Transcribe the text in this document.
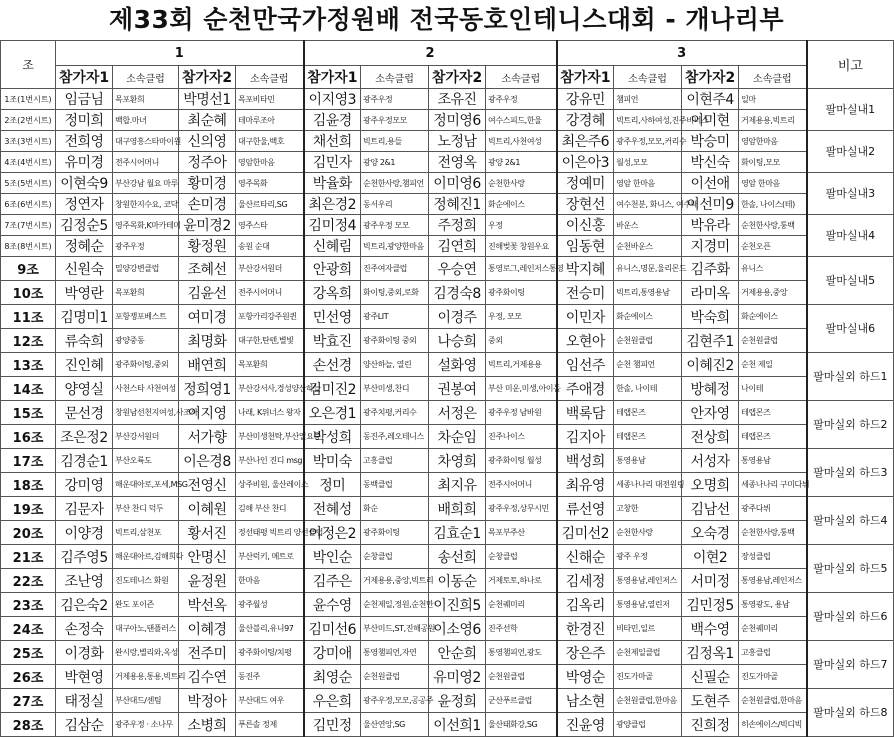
제33회 순천만국가정원배 전국동호인테니스대회 - 개나리부
조	1				2				3				비고
	참가자1	소속클럽	참가자2	소속클럽	참가자1	소속클럽	참가자2	소속클럽	참가자1	소속클럽	참가자2	소속클럽	
1조(1번시트)	임금님	목포환희	박명선1	목포비타민	이지영3	광주우정	조유진	광주우정	강유민	챔피언	이현주4	일마	팔마실내1
2조(2번시트)	정미희	백합.마녀	최순혜	테마루조아	김윤경	광주우정모모	정미영6	여수스피드,한울	강경혜	빅트리,사하여성,진주비너스	이미현	거제용용,빅트리	
3조(3번시트)	전희영	대구영흥스타마이원	신의영	대구한울,백호	채선희	빅트리,용들	노정남	빅트리,사천여성	최은주6	광주우정,모모,커리수	박승미	영암한마음	팔마실내2
4조(4번시트)	유미경	전주시어머니	정주아	영암한마음	김민자	광양 2&1	전영옥	광양 2&1	이은아3	월성,모모	박신숙	화이팅,모모	
5조(5번시트)	이현숙9	부산강남 월요 마루	황미경	영주목화	박율화	순천한사랑,챔피언	이미영6	순천한사랑	정예미	영암 한마음	이선애	영암 한마음	팔마실내3
6조(6번시트)	정연자	창원한지수요, 코닥	손미경	울산르타리,SG	최은경2	동서우리	정혜진1	화순에이스	장현선	여수천분, 화니스, 여수대	이선미9	한솔, 나이스(테)	
7조(7번시트)	김정순5	영주목화,K마카테미	윤미경2	영주스타	김미정4	광주우정 모모	주정희	우정	이신홍	바운스	박유라	순천한사랑,퉁백	팔마실내4
8조(8번시트)	정혜순	광주우정	황정원	송원 순대	신혜림	빅트리,광양한마음	김연희	진해벚꽃 창원우요	임동현	순천바운스	지경미	순천오픈	
9조	신원숙	밀양강변클럽	조혜선	부산강서원더	안광희	진주여자클럽	우승연	통영로그,레인저스통영	박지혜	유니스,명문,울리몬드	김주화	유니스	팔마실내5
10조	박영란	목포환희	김윤선	전주시어머니	강옥희	화이팅,중외,로화	김경숙8	광주화이팅	전승미	빅트리,통영용남	라미옥	거제용용,중앙	
11조	김명미1	포항쟁포베스트	여미경	포항카리강주원퀸	민선영	광주LIT	이경주	우정, 모모	이민자	화순에이스	박숙희	화순에이스	팔마실내6
12조	류숙희	광양중동	최명화	대구한,탄텐,별빛	박효진	광주화이팅 중외	나승희	중외	오현아	순천원클럽	김현주1	순천원클럽	
13조	진인혜	광주화이팅,중외	배연희	목포환희	손선경	양산하늘, 열린	설화영	빅트리,거제용용	임선주	순천 챔피언	이혜진2	순천 제일	팔마실외 하드1
14조	양영실	사천스타 사천여성	정희영1	부산강서사,경성양산하늘	김미진2	부산미생,찬디	권봉여	부산 미운,미생,아이돌	주애경	한솔, 나이테	방혜정	나이테	
15조	문선경	창원남선천지여성,사조사	이지영	나래, K위너스 왕자	오은경1	광주치평,커리수	서정은	광주우정 남바원	백록담	테랩몬즈	안자영	테랩몬즈	팔마실외 하드2
16조	조은정2	부산강서원더	서가향	부산미생천탁,부산일요중	박성희	동진주,레오테니스	차순임	진주나이스	김지아	테랩몬즈	전상희	테랩몬즈	
17조	김경순1	부산오륙도	이은경8	부산나인 진디 msg	박미숙	고흥클럽	차영희	광주화이팅 월성	백성희	통영용남	서성자	통영용남	팔마실외 하드3
18조	강미영	해운대아로,포세,MSG	전영신	상주비원, 울산레이스	정미	동백클럽	최지유	전주시어머니	최유영	세종나나리 대전원링	오명희	세종나나리 구미다뷔	
19조	김문자	부산 찬디 덕두	이혜원	김해 부산 찬디	전혜성	화순	배희희	광주우정,상무시민	류선영	고창한	김남선	광주다뷔	팔마실외 하드4
20조	이양경	빅트리,삼천포	황서진	정선태평 빅트리 양선클럽	이정은2	광주화이팅	김효순1	목포부주산	김미선2	순천한사랑	오숙경	순천한사랑,퉁백	
21조	김주영5	해운대아르,김해희다	안명신	부산럭키, 메트로	박인순	순창클럽	송선희	순창클럽	신해순	광주 우정	이현2	장성클럽	팔마실외 하드5
22조	조난영	진도테니스 화원	윤정원	한마음	김주은	거제용용,중앙,빅트리	이동순	거제토토,하나로	김세정	통영용남,레인저스	서미정	통영용남,레인저스	
23조	김은숙2	완도 포이즌	박선옥	광주월성	윤수영	순천제일,정원,순천만	이진희5	순천퀘미리	김옥리	통영용남,열린저	김민정5	통영광도, 용남	팔마실외 하드6
24조	손정숙	대구아노,탠플러스	이혜경	울산블리,유니97	김미선6	부산미드,ST,진해공원	이소영6	진주선학	한경진	비타민,일르	백수영	순천퀘미리	
25조	이경화	완시랑,별리와,옥성	전주미	광주화이팅/치평	강미애	통영챔피언,자연	안순희	통영챔피언,광도	장은주	순천제일클럽	김정옥1	고흥클럽	팔마실외 하드7
26조	박현영	거제용용,통용,빅트리	김수연	동진주	최영순	순천원클럽	유미영2	순천원클럽	박영순	진도가마골	신필순	진도가마골	
27조	태정실	부산대드/센팀	박정아	부산대드 여우	우은희	광주우정,모모,공공주	윤정희	군산푸르클럽	남소현	순천원클럽,한마음	도현주	순천원클럽,한마음	팔마실외 하드8
28조	김삼순	광주우정 · 소나무	소병희	푸른솔 정제	김민정	울산연앙,SG	이선희1	울산태화강,SG	진윤영	광양클럽	진희정	히손에이스/빅디빅	
